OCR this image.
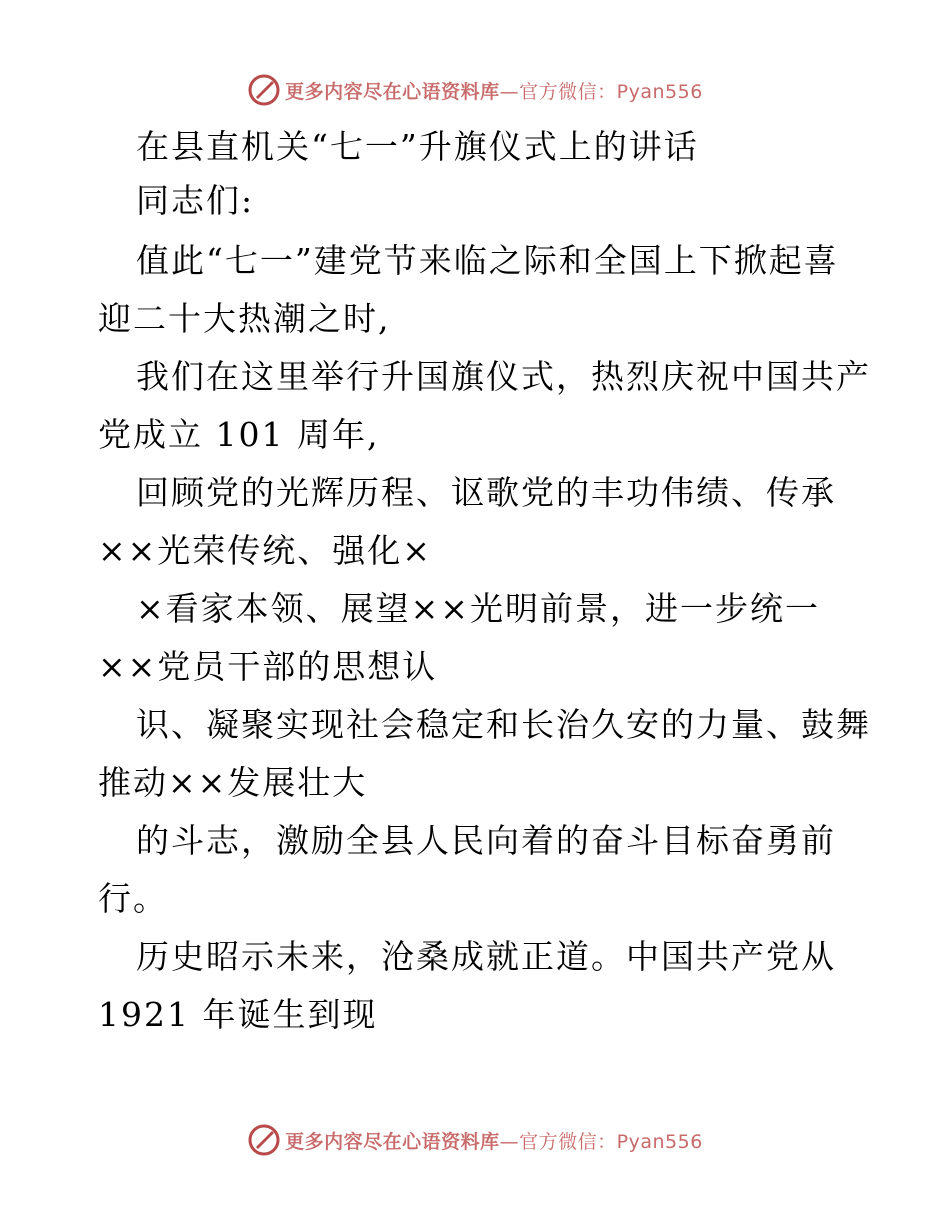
更多内容尽在心语资料库—官方微信：Pyan556
在县直机关“七一”升旗仪式上的讲话
同志们:
值此“七一”建党节来临之际和全国上下掀起喜
迎二十大热潮之时,
我们在这里举行升国旗仪式，热烈庆祝中国共产
党成立 101 周年,
回顾党的光辉历程、讴歌党的丰功伟绩、传承
××光荣传统、强化×
×看家本领、展望××光明前景，进一步统一
××党员干部的思想认
识、凝聚实现社会稳定和长治久安的力量、鼓舞
推动××发展壮大
的斗志，激励全县人民向着的奋斗目标奋勇前
行。
历史昭示未来，沧桑成就正道。中国共产党从
1921 年诞生到现
更多内容尽在心语资料库—官方微信：Pyan556
